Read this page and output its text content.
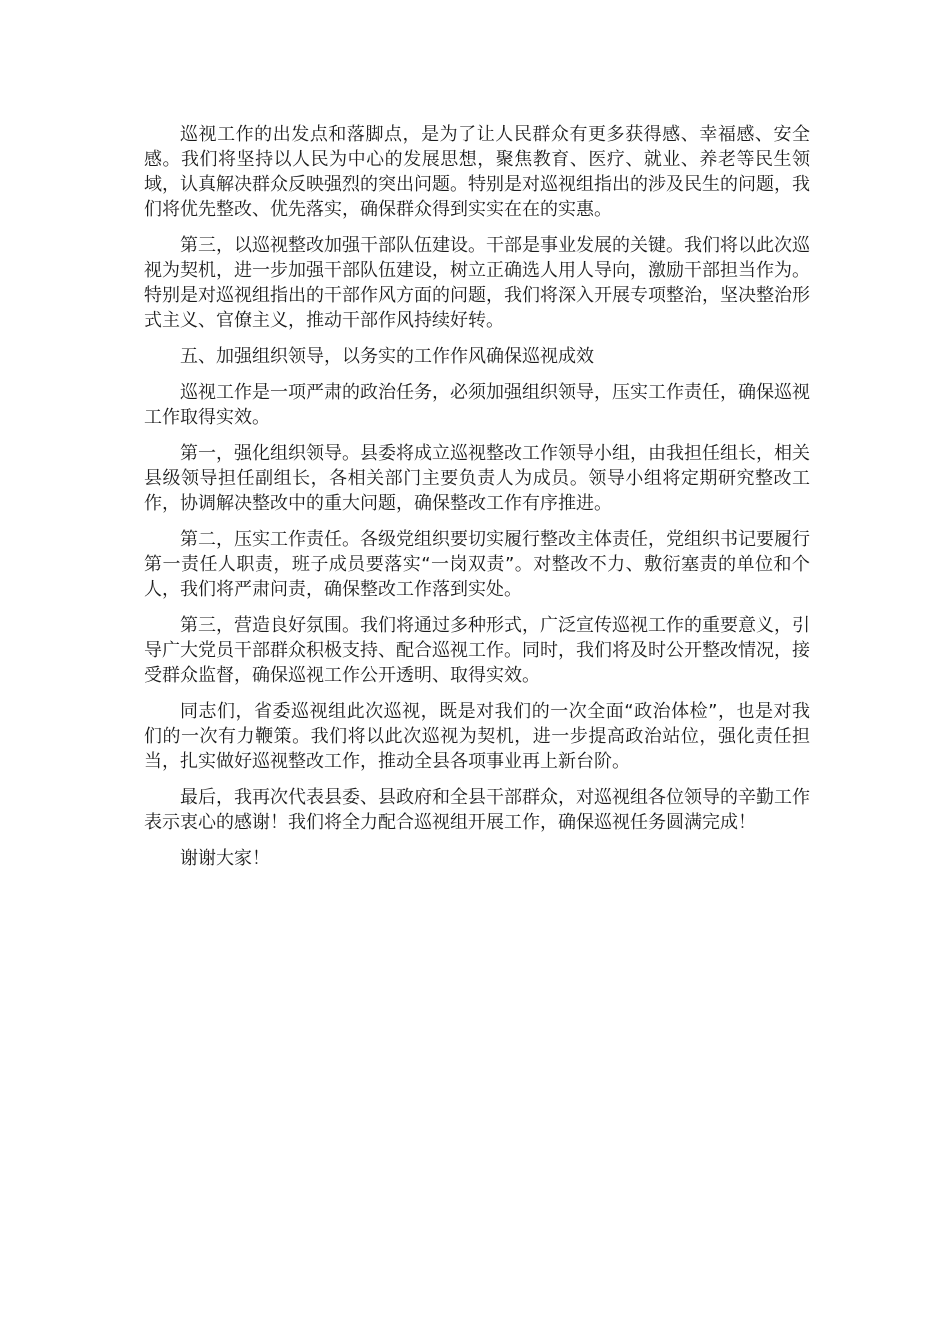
巡视工作的出发点和落脚点，是为了让人民群众有更多获得感、幸福感、安全感。我们将坚持以人民为中心的发展思想，聚焦教育、医疗、就业、养老等民生领域，认真解决群众反映强烈的突出问题。特别是对巡视组指出的涉及民生的问题，我们将优先整改、优先落实，确保群众得到实实在在的实惠。

第三，以巡视整改加强干部队伍建设。干部是事业发展的关键。我们将以此次巡视为契机，进一步加强干部队伍建设，树立正确选人用人导向，激励干部担当作为。特别是对巡视组指出的干部作风方面的问题，我们将深入开展专项整治，坚决整治形式主义、官僚主义，推动干部作风持续好转。

五、加强组织领导，以务实的工作作风确保巡视成效

巡视工作是一项严肃的政治任务，必须加强组织领导，压实工作责任，确保巡视工作取得实效。

第一，强化组织领导。县委将成立巡视整改工作领导小组，由我担任组长，相关县级领导担任副组长，各相关部门主要负责人为成员。领导小组将定期研究整改工作，协调解决整改中的重大问题，确保整改工作有序推进。

第二，压实工作责任。各级党组织要切实履行整改主体责任，党组织书记要履行第一责任人职责，班子成员要落实“一岗双责”。对整改不力、敷衍塞责的单位和个人，我们将严肃问责，确保整改工作落到实处。

第三，营造良好氛围。我们将通过多种形式，广泛宣传巡视工作的重要意义，引导广大党员干部群众积极支持、配合巡视工作。同时，我们将及时公开整改情况，接受群众监督，确保巡视工作公开透明、取得实效。

同志们，省委巡视组此次巡视，既是对我们的一次全面“政治体检”，也是对我们的一次有力鞭策。我们将以此次巡视为契机，进一步提高政治站位，强化责任担当，扎实做好巡视整改工作，推动全县各项事业再上新台阶。

最后，我再次代表县委、县政府和全县干部群众，对巡视组各位领导的辛勤工作表示衷心的感谢！我们将全力配合巡视组开展工作，确保巡视任务圆满完成！

谢谢大家！
